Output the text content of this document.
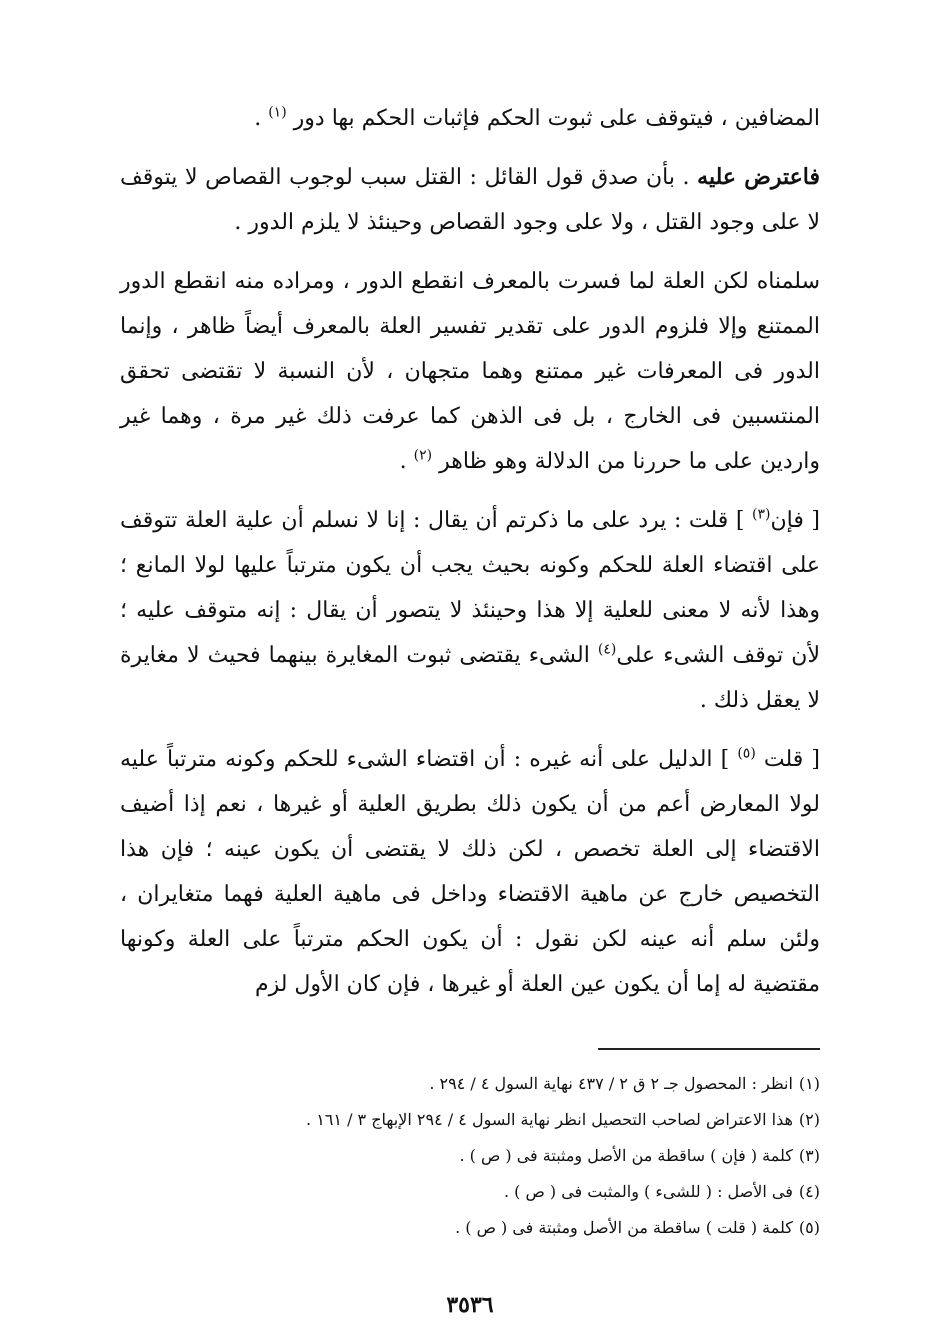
المضافين ، فيتوقف على ثبوت الحكم فإثبات الحكم بها دور $^{(١)}$ .

فاعترض عليه . بأن صدق قول القائل : القتل سبب لوجوب القصاص لا يتوقف لا على وجود القتل ، ولا على وجود القصاص وحينئذ لا يلزم الدور .

سلمناه لكن العلة لما فسرت بالمعرف انقطع الدور ، ومراده منه انقطع الدور الممتنع وإلا فلزوم الدور على تقدير تفسير العلة بالمعرف أيضاً ظاهر ، وإنما الدور فى المعرفات غير ممتنع وهما متجهان ، لأن النسبة لا تقتضى تحقق المنتسبين فى الخارج ، بل فى الذهن كما عرفت ذلك غير مرة ، وهما غير واردين على ما حررنا من الدلالة وهو ظاهر $^{(٢)}$ .

[ فإن$^{(٣)}$ ] قلت : يرد على ما ذكرتم أن يقال : إنا لا نسلم أن علية العلة تتوقف على اقتضاء العلة للحكم وكونه بحيث يجب أن يكون مترتباً عليها لولا المانع ؛ وهذا لأنه لا معنى للعلية إلا هذا وحينئذ لا يتصور أن يقال : إنه متوقف عليه ؛ لأن توقف الشىء على$^{(٤)}$ الشىء يقتضى ثبوت المغايرة بينهما فحيث لا مغايرة لا يعقل ذلك .

[ قلت $^{(٥)}$ ] الدليل على أنه غيره : أن اقتضاء الشىء للحكم وكونه مترتباً عليه لولا المعارض أعم من أن يكون ذلك بطريق العلية أو غيرها ، نعم إذا أضيف الاقتضاء إلى العلة تخصص ، لكن ذلك لا يقتضى أن يكون عينه ؛ فإن هذا التخصيص خارج عن ماهية الاقتضاء وداخل فى ماهية العلية فهما متغايران ، ولئن سلم أنه عينه لكن نقول : أن يكون الحكم مترتباً على العلة وكونها مقتضية له إما أن يكون عين العلة أو غيرها ، فإن كان الأول لزم

(١)انظر : المحصول جـ ٢ ق ٢ / ٤٣٧ نهاية السول ٤ / ٢٩٤ .
(٢)هذا الاعتراض لصاحب التحصيل انظر نهاية السول ٤ / ٢٩٤ الإبهاج ٣ / ١٦١ .
(٣)كلمة ( فإن ) ساقطة من الأصل ومثبتة فى ( ص ) .
(٤)فى الأصل : ( للشىء ) والمثبت فى ( ص ) .
(٥)كلمة ( قلت ) ساقطة من الأصل ومثبتة فى ( ص ) .
٣٥٣٦
